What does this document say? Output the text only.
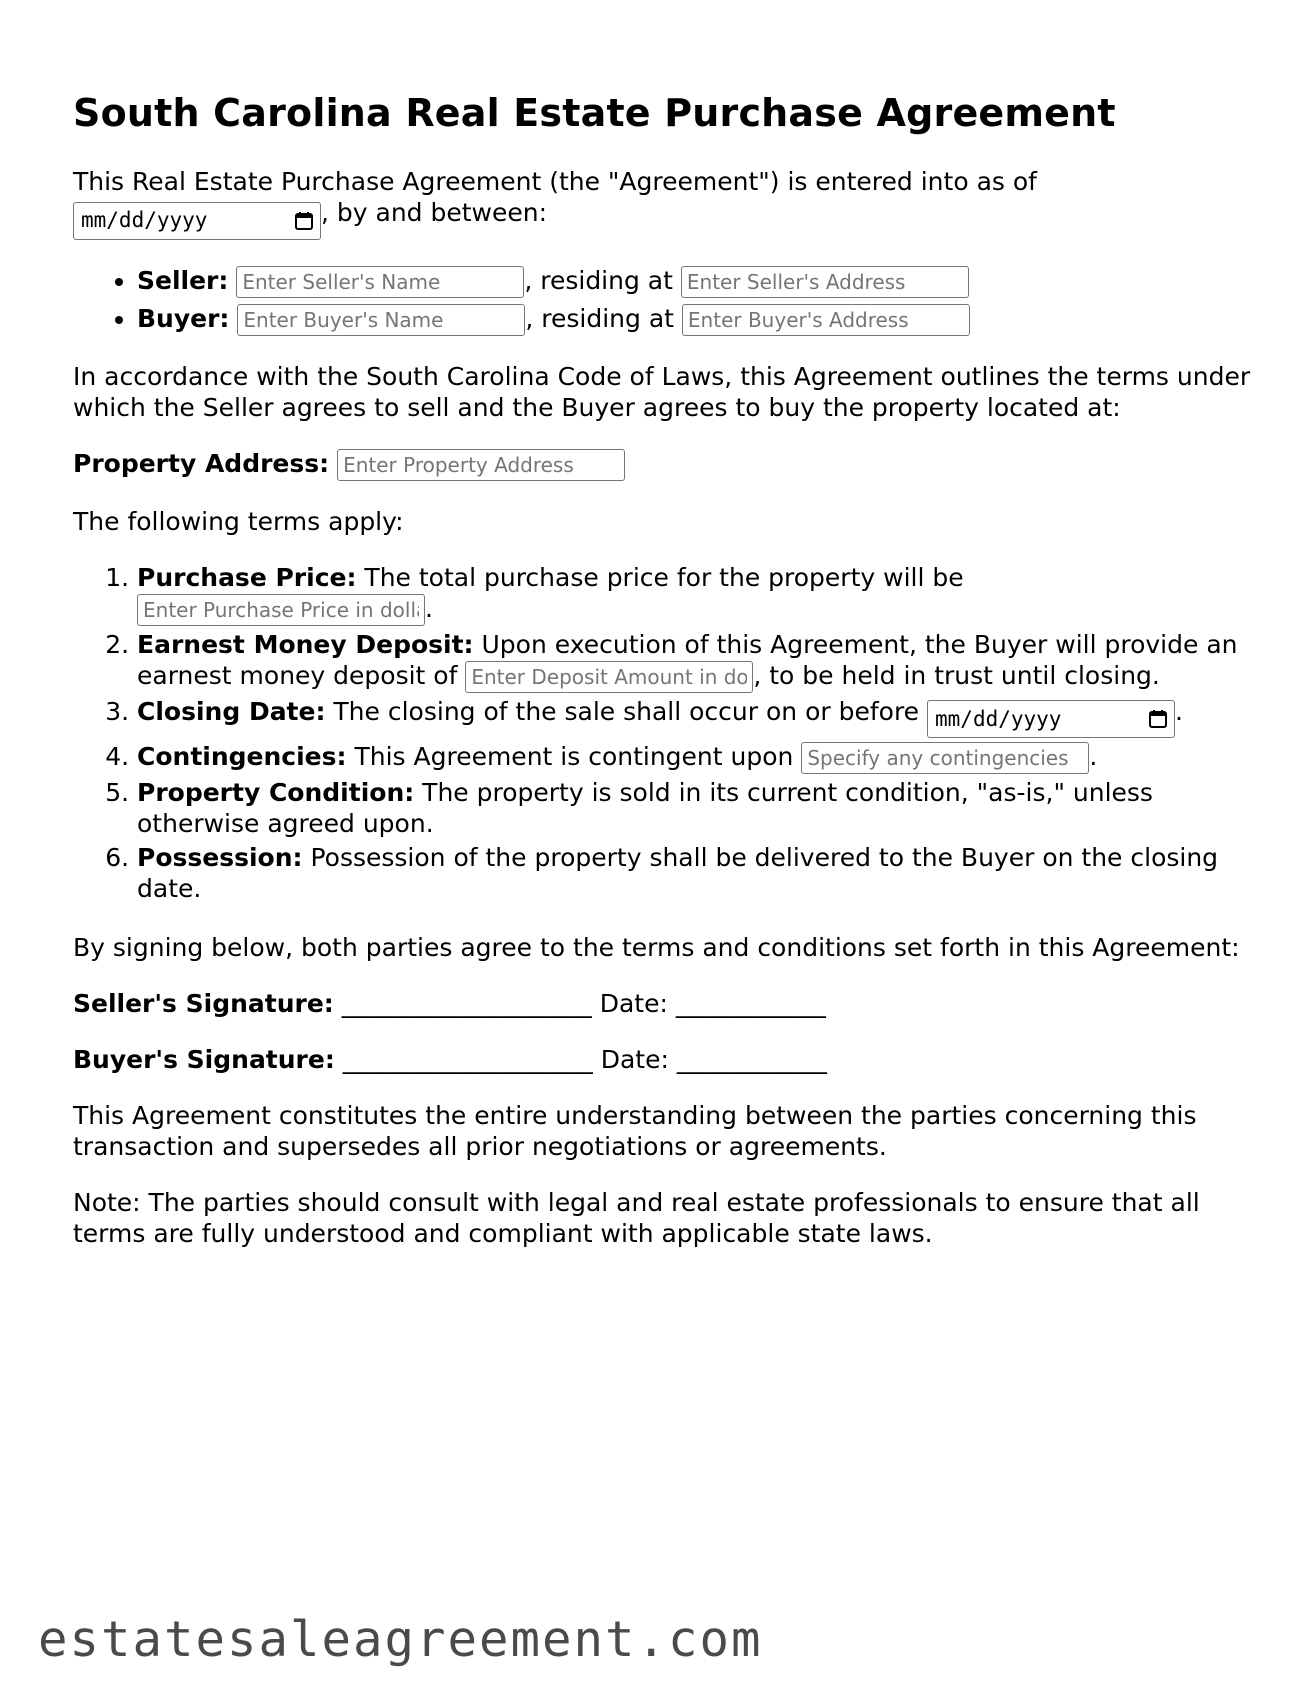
South Carolina Real Estate Purchase Agreement

This Real Estate Purchase Agreement (the "Agreement") is entered into as of

mm/dd/yyyy	, by and between:

• Seller: Enter Seller's Name	, residing at Enter Seller's Address
• Buyer: Enter Buyer's Name	, residing at Enter Buyer's Address

In accordance with the South Carolina Code of Laws, this Agreement outlines the terms under which the Seller agrees to sell and the Buyer agrees to buy the property located at:

Property Address: Enter Property Address

The following terms apply:

1. Purchase Price: The total purchase price for the property will be
Enter Purchase Price in dollars.
2. Earnest Money Deposit: Upon execution of this Agreement, the Buyer will provide an earnest money deposit of Enter Deposit Amount in dollars	, to be held in trust until closing.
3. Closing Date: The closing of the sale shall occur on or before mm/dd/yyyy	.
4. Contingencies: This Agreement is contingent upon Specify any contingencies	.
5. Property Condition: The property is sold in its current condition, "as-is," unless otherwise agreed upon.
6. Possession: Possession of the property shall be delivered to the Buyer on the closing date.

By signing below, both parties agree to the terms and conditions set forth in this Agreement:

Seller's Signature: ____________________ Date: ____________

Buyer's Signature: ____________________ Date: ____________

This Agreement constitutes the entire understanding between the parties concerning this transaction and supersedes all prior negotiations or agreements.

Note: The parties should consult with legal and real estate professionals to ensure that all terms are fully understood and compliant with applicable state laws.

estatesaleagreement.com
